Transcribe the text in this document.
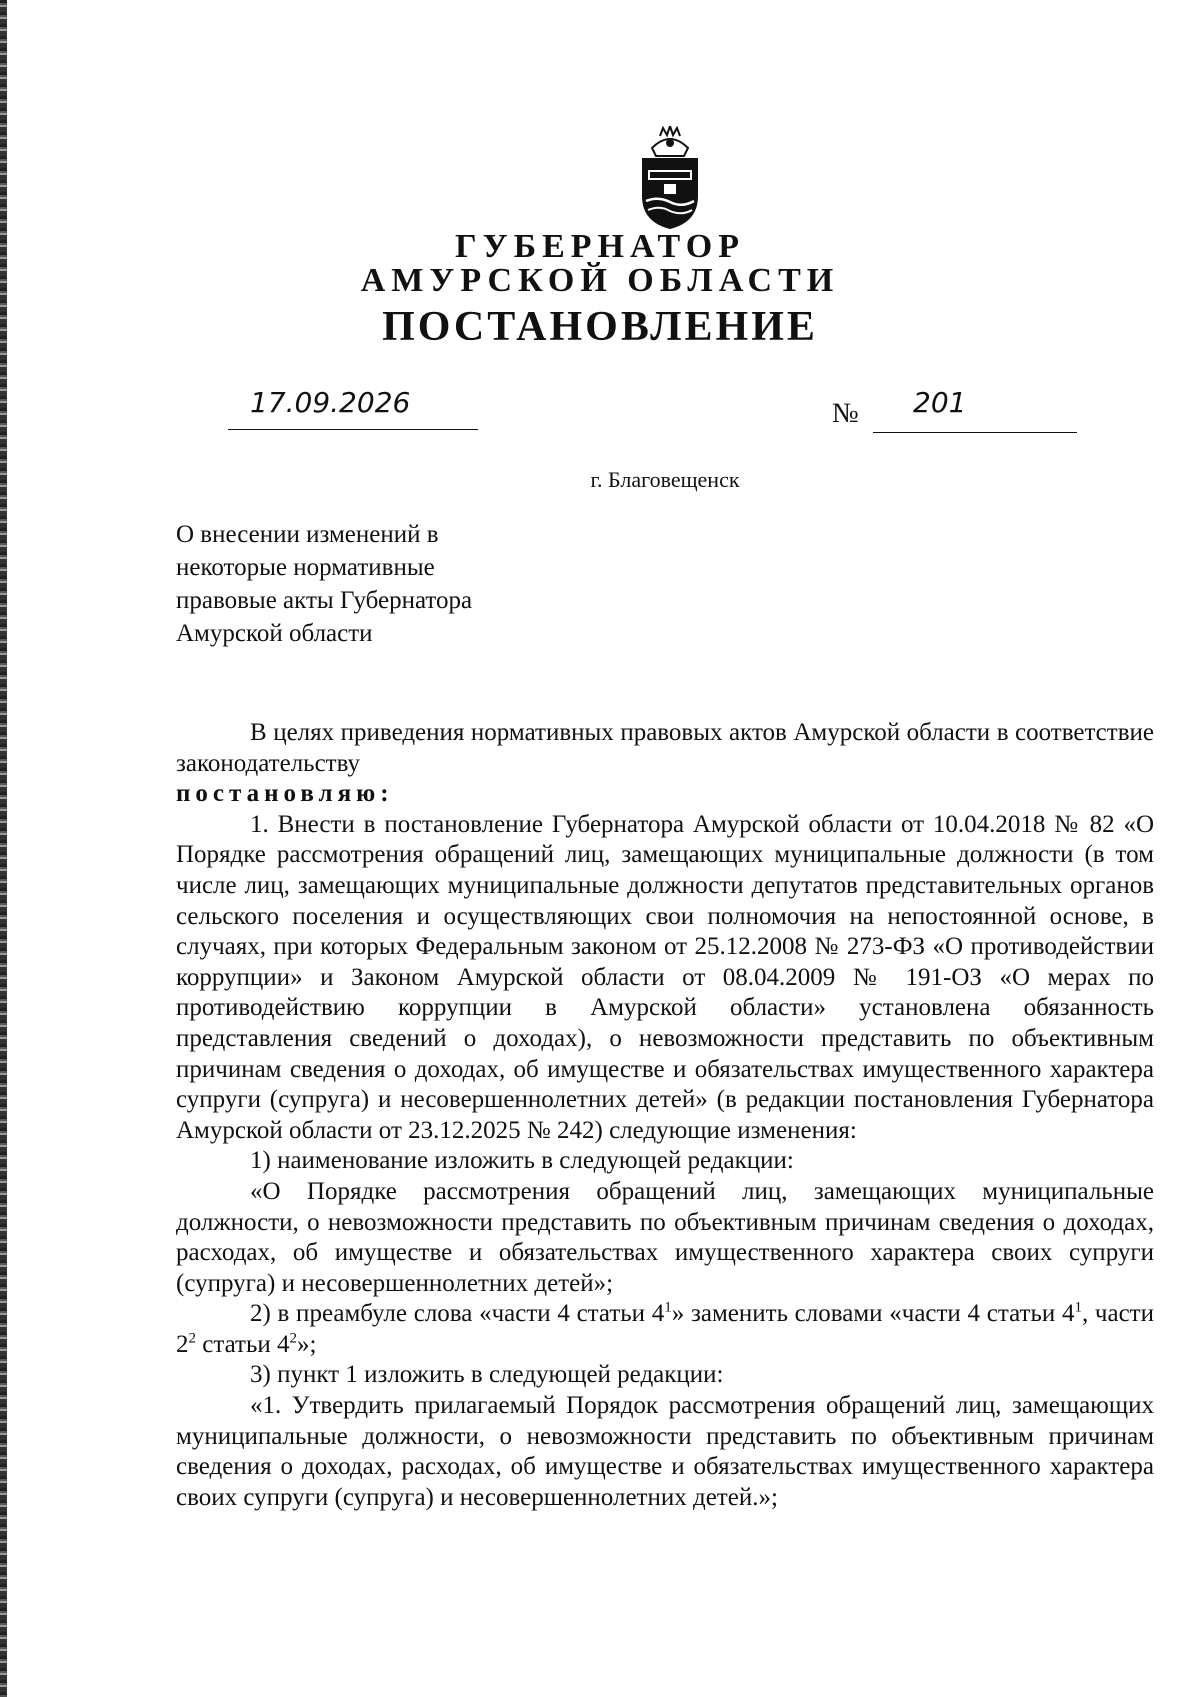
ГУБЕРНАТОР
АМУРСКОЙ ОБЛАСТИ
ПОСТАНОВЛЕНИЕ
17.09.2026	№ 201
г. Благовещенск
О внесении изменений в
некоторые нормативные
правовые акты Губернатора
Амурской области

В целях приведения нормативных правовых актов Амурской области в соответствие законодательству

постановляю:

1. Внести в постановление Губернатора Амурской области от 10.04.2018 № 82 «О Порядке рассмотрения обращений лиц, замещающих муниципальные должности (в том числе лиц, замещающих муниципальные должности депутатов представительных органов сельского поселения и осуществляющих свои полномочия на непостоянной основе, в случаях, при которых Федеральным законом от 25.12.2008 № 273-ФЗ «О противодействии коррупции» и Законом Амурской области от 08.04.2009 № 191-ОЗ «О мерах по противодействию коррупции в Амурской области» установлена обязанность представления сведений о доходах), о невозможности представить по объективным причинам сведения о доходах, об имуществе и обязательствах имущественного характера супруги (супруга) и несовершеннолетних детей» (в редакции постановления Губернатора Амурской области от 23.12.2025 № 242) следующие изменения:

1) наименование изложить в следующей редакции:

«О Порядке рассмотрения обращений лиц, замещающих муниципальные должности, о невозможности представить по объективным причинам сведения о доходах, расходах, об имуществе и обязательствах имущественного характера своих супруги (супруга) и несовершеннолетних детей»;

2) в преамбуле слова «части 4 статьи $4^1$» заменить словами «части 4 статьи $4^1$, части $2^2$ статьи $4^2$»;

3) пункт 1 изложить в следующей редакции:

«1. Утвердить прилагаемый Порядок рассмотрения обращений лиц, замещающих муниципальные должности, о невозможности представить по объективным причинам сведения о доходах, расходах, об имуществе и обязательствах имущественного характера своих супруги (супруга) и несовершеннолетних детей.»;
